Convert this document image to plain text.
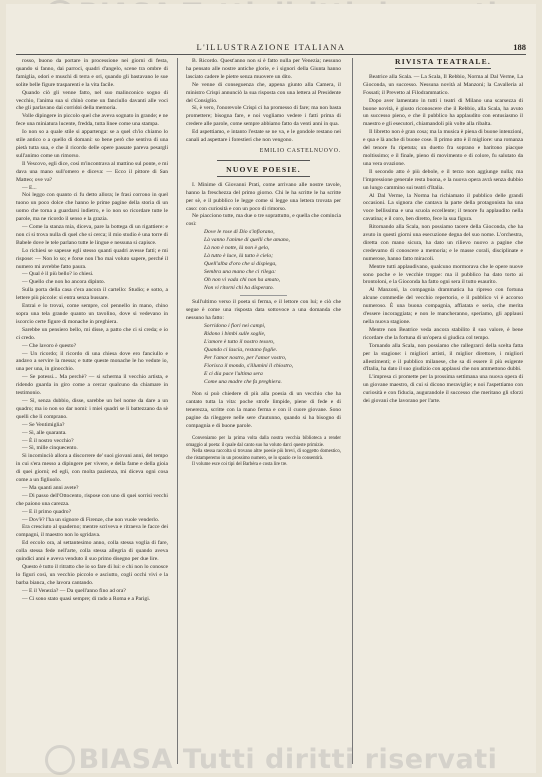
L'ILLUSTRAZIONE ITALIANA	188

rosso, buono da portare in processione nei giorni di festa, quando si fanno, dai parroci, quadri d'angelo, scene tra ombre di famiglia, odori e muschi di terra e ori, quando gli bastavano le sue solite belle figure trasparenti e la vita facile.

Quando ciò gli venne fatto, nel suo malinconico sogno di vecchio, l'anima sua si chinò come un fanciullo davanti alle voci che gli parlavano dai corridoi della memoria.

Volle dipingere in piccolo quel che aveva sognato in grande; e ne fece una miniatura lucente, fredda, tutta linee come una stampa.

Io non so a quale stile si appartenga: se a quel ch'io chiamo lo stile antico o a quello di domani: so bene però che sentiva di una pietà tutta sua, e che il ricordo delle opere passate pareva pesargli sull'animo come un rimorso.

Il Vescovo, egli dice, così m'incontrava al mattino sul ponte, e mi dava una mano sull'omero e diceva: — Ecco il pittore di San Matteo; ove va?

— E...

Noi leggo con quanto ci fu detto allora; le frasi corrono in quel tuono un poco dolce che hanno le prime pagine della storia di un uomo che torna a guardarsi indietro, e io non so ricordare tutte le parole, ma ne ricordo il senso e la grazia.

— Come la stanza mia, diceva, pare la bottega di un rigattiere: e non ci si trova nulla di quel che si cerca; il mio studio è una torre di Babele dove le tele parlano tutte le lingue e nessuna si capisce.

Lo richiesi se sapesse egli stesso quanti quadri avesse fatti; e mi rispose: — Non lo so; e forse non l'ho mai voluto sapere, perché il numero mi avrebbe fatto paura.

— Qual è il più bello? io chiesi.

— Quello che non ho ancora dipinto.

Sulla porta della casa c'era ancora il cartello: Studio; e sotto, a lettere più piccole: si entra senza bussare.

Entrai e lo trovai, come sempre, col pennello in mano, chino sopra una tela grande quanto un tavolino, dove si vedevano in iscorcio certe figure di monache in preghiera.

Sarebbe un pensiero bello, mi disse, a patto che ci si creda; e io ci credo.

— Che lavoro è questo?

— Un ricordo; il ricordo di una chiesa dove ero fanciullo e andavo a servire la messa; e tutte queste monache le ho vedute io, una per una, in ginocchio.

— Se potessi... Ma perchè? — si scherma il vecchio artista, e ridendo guarda in giro come a cercar qualcuno da chiamare in testimonio.

— Sì, senza dubbio, disse, sarebbe un bel nome da dare a un quadro; ma io non so dar nomi: i miei quadri se li battezzano da sè quelli che li comprano.

— Se Ventimiglia?

— Sì, alle quaranta.

— È il nostro vecchio?

— Sì, mille cinquecento.

Si incominciò allora a discorrere de' suoi giovani anni, del tempo in cui s'era messo a dipingere per vivere, e della fame e della gioia di quei giorni; ed egli, con molta pazienza, mi diceva ogni cosa come a un figliuolo.

— Ma quanti anni avete?

— Di passo dell'Ottocento, rispose con uno di quei sorrisi vecchi che paiono una carezza.

— E il primo quadro?

— Dov'è? l'ha un signore di Firenze, che non vuole venderlo.

Era cresciuto al quaderno; mentre scriveva e ritraeva le facce dei compagni, il maestro non lo sgridava.

Ed eccolo ora, al settantesimo anno, colla stessa voglia di fare, colla stessa fede nell'arte, colla stessa allegria di quando aveva quindici anni e aveva venduto il suo primo disegno per due lire.

Questo è tutto il ritratto che io so fare di lui: e chi non lo conosce lo figuri così, un vecchio piccolo e asciutto, cogli occhi vivi e la barba bianca, che lavora cantando.

— E il Venezia? — Da quell'anno fino ad ora?

— Ci sono stato quasi sempre; di rado a Roma e a Parigi.

B. Ricordo. Quest'anno non si è fatto nulla per Venezia; nessuno ha pensato alle nostre antiche glorie, e i signori della Giunta hanno lasciato cadere le pietre senza muovere un dito.

Ne venne di conseguenza che, appena giunto alla Camera, il ministro Crispi annunciò la sua risposta con una lettera al Presidente del Consiglio.

Si, è vero, l'onorevole Crispi ci ha promesso di fare; ma non basta promettere; bisogna fare, e noi vogliamo vedere i fatti prima di credere alle parole, come sempre abbiamo fatto da venti anni in qua.

Ed aspettiamo, e intanto l'estate se ne va, e le gondole restano nei canali ad aspettare i forestieri che non vengono.

EMILIO CASTELNUOVO.

NUOVE POESIE.

I. Minime di Giovanni Prati, come arrivano alle nostre tavole, hanno la freschezza del primo giorno. Chi le ha scritte le ha scritte per sè, e il pubblico le legge come si legge una lettera trovata per caso: con curiosità e con un poco di rimorso.

Ne piacciono tutte, ma due o tre soprattutto, e quella che comincia così:

Dove le rose di Dio s'infiorano,

Là vanno l'anime di quelli che amano,

Là non è notte, là non è gelo,

Là tutto è luce, là tutto è cielo;

Quell'alba d'oro che si dispiega,

Sembra una mano che ci rilega:

Oh non vi vada chi non ha amato,

Non vi ritorni chi ha disperato.

Sull'ultimo verso il poeta si ferma, e il lettore con lui; e ciò che segue è come una risposta data sottovoce a una domanda che nessuno ha fatto:

Sorridono i fiori nei campi,

Ridono i bimbi sulle soglie,

L'amore è tutto il nostro tesoro,

Quando ci lascia, restano foglie.

Per l'amor nostro, per l'amor vostro,

Fiorisca il mondo, s'illumini il chiostro,

E ci dia pace l'ultima sera

Come una madre che fa preghiera.

Non si può chiedere di più alla poesia di un vecchio che ha cantato tutta la vita: poche strofe limpide, piene di fede e di tenerezza, scritte con la mano ferma e con il cuore giovane. Sono pagine da rileggere nelle sere d'autunno, quando si ha bisogno di compagnia e di buone parole.

Conveniamo per la prima volta dalla nostra vecchia biblioteca a render omaggio al poeta: il quale dal canto suo ha voluto darci queste primizie.

Nella stessa raccolta si trovano altre poesie più brevi, di soggetto domestico, che ristamperemo in un prossimo numero, se lo spazio ce lo consentirà.

Il volume esce coi tipi del Barbèra e costa lire tre.

RIVISTA TEATRALE.

Beatrice alla Scala. — La Scala, Il Rebbio, Norma al Dal Verme, La Gioconda, un successo. Nessuna novità al Manzoni; la Cavalleria al Fossati; il Prevetto al Filodrammatico.

Dopo aver lamentato in tutti i teatri di Milano una scarsezza di buone novità, è giusto riconoscere che il Rebbio, alla Scala, ha avuto un successo pieno, e che il pubblico ha applaudito con entusiasmo il maestro e gli esecutori, chiamandoli più volte alla ribalta.

Il libretto non è gran cosa; ma la musica è piena di buone intenzioni, e qua e là anche di buone cose. Il primo atto è il migliore: una romanza del tenore fu ripetuta; un duetto fra soprano e baritono piacque moltissimo; e il finale, pieno di movimento e di colore, fu salutato da una vera ovazione.

Il secondo atto è più debole, e il terzo non aggiunge nulla; ma l'impressione generale resta buona, e la nuova opera avrà senza dubbio un lungo cammino sui teatri d'Italia.

Al Dal Verme, la Norma ha richiamato il pubblico delle grandi occasioni. La signora che cantava la parte della protagonista ha una voce bellissima e una scuola eccellente; il tenore fu applaudito nella cavatina; e il coro, ben diretto, fece la sua figura.

Ritornando alla Scala, non possiamo tacere della Gioconda, che ha avuto in questi giorni una esecuzione degna del suo nome. L'orchestra, diretta con mano sicura, ha dato un rilievo nuovo a pagine che credevamo di conoscere a memoria; e le masse corali, disciplinate e numerose, hanno fatto miracoli.

Mentre tutti applaudivano, qualcuno mormorava che le opere nuove sono poche e le vecchie troppe: ma il pubblico ha dato torto ai brontoloni, e la Gioconda ha fatto ogni sera il tutto esaurito.

Al Manzoni, la compagnia drammatica ha ripreso con fortuna alcune commedie del vecchio repertorio, e il pubblico vi è accorso numeroso. È una buona compagnia, affiatata e seria, che merita d'essere incoraggiata; e non le mancheranno, speriamo, gli applausi nella nuova stagione.

Mentre non Beatrice veda ancora stabilito il suo valore, è bene ricordare che la fortuna di un'opera si giudica col tempo.

Tornando alla Scala, non possiamo che rallegrarci della scelta fatta per la stagione: i migliori artisti, il miglior direttore, i migliori allestimenti; e il pubblico milanese, che sa di essere il più esigente d'Italia, ha dato il suo giudizio con applausi che non ammettono dubbi.

L'impresa ci promette per la prossima settimana una nuova opera di un giovane maestro, di cui si dicono meraviglie; e noi l'aspettiamo con curiosità e con fiducia, augurandole il successo che meritano gli sforzi dei giovani che lavorano per l'arte.

BIASA Tutti diritti riservati
